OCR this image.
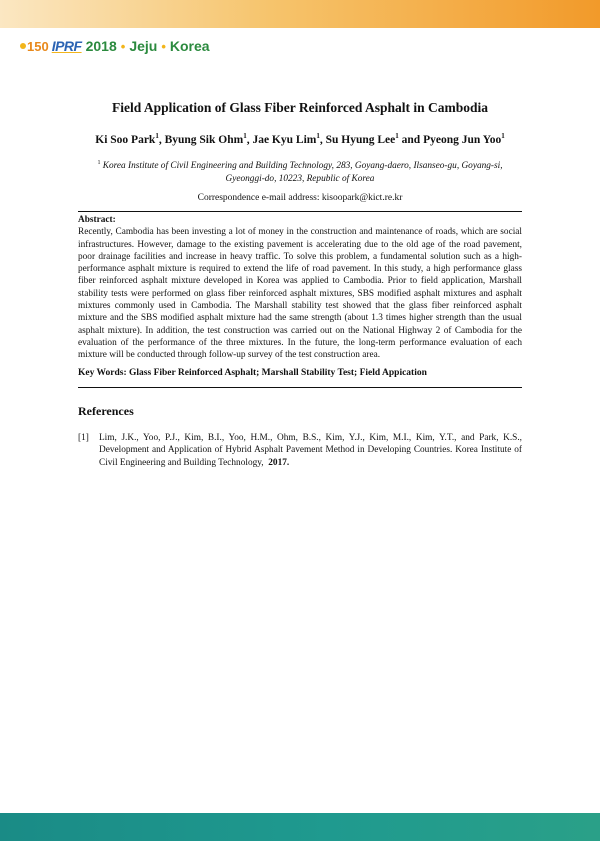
150 IPRF 2018 • Jeju • Korea
Field Application of Glass Fiber Reinforced Asphalt in Cambodia
Ki Soo Park$^1$, Byung Sik Ohm$^1$, Jae Kyu Lim$^1$, Su Hyung Lee$^1$ and Pyeong Jun Yoo$^1$
$^1$ Korea Institute of Civil Engineering and Building Technology, 283, Goyang-daero, Ilsanseo-gu, Goyang-si, Gyeonggi-do, 10223, Republic of Korea
Correspondence e-mail address: kisoopark@kict.re.kr
Abstract:
Recently, Cambodia has been investing a lot of money in the construction and maintenance of roads, which are social infrastructures. However, damage to the existing pavement is accelerating due to the old age of the road pavement, poor drainage facilities and increase in heavy traffic. To solve this problem, a fundamental solution such as a high-performance asphalt mixture is required to extend the life of road pavement. In this study, a high performance glass fiber reinforced asphalt mixture developed in Korea was applied to Cambodia. Prior to field application, Marshall stability tests were performed on glass fiber reinforced asphalt mixtures, SBS modified asphalt mixtures and asphalt mixtures commonly used in Cambodia. The Marshall stability test showed that the glass fiber reinforced asphalt mixture and the SBS modified asphalt mixture had the same strength (about 1.3 times higher strength than the usual asphalt mixture). In addition, the test construction was carried out on the National Highway 2 of Cambodia for the evaluation of the performance of the three mixtures. In the future, the long-term performance evaluation of each mixture will be conducted through follow-up survey of the test construction area.
Key Words: Glass Fiber Reinforced Asphalt; Marshall Stability Test; Field Appication
References
[1]	Lim, J.K., Yoo, P.J., Kim, B.I., Yoo, H.M., Ohm, B.S., Kim, Y.J., Kim, M.I., Kim, Y.T., and Park, K.S., Development and Application of Hybrid Asphalt Pavement Method in Developing Countries. Korea Institute of Civil Engineering and Building Technology, 2017.
